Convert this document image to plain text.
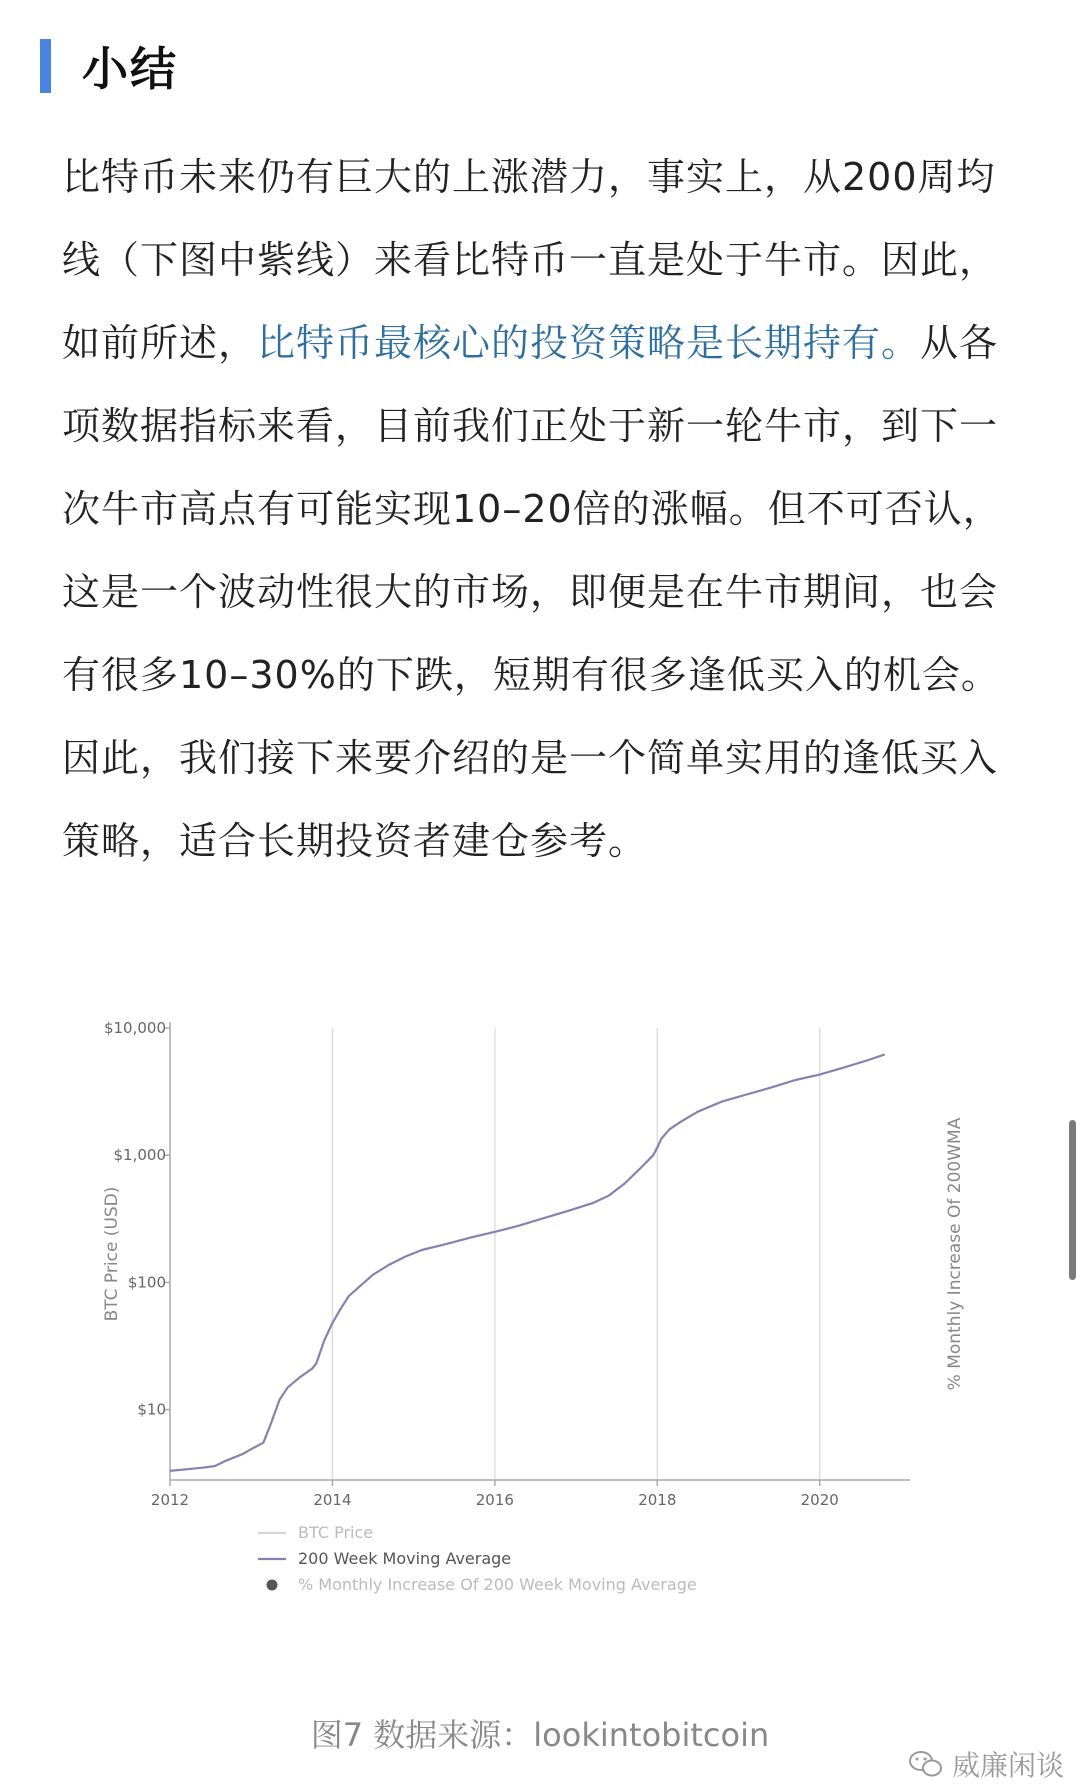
小结
比特币未来仍有巨大的上涨潜力，事实上，从200周均
线（下图中紫线）来看比特币一直是处于牛市。因此，
如前所述，比特币最核心的投资策略是长期持有。从各
项数据指标来看，目前我们正处于新一轮牛市，到下一
次牛市高点有可能实现10–20倍的涨幅。但不可否认，
这是一个波动性很大的市场，即便是在牛市期间，也会
有很多10–30%的下跌，短期有很多逢低买入的机会。
因此，我们接下来要介绍的是一个简单实用的逢低买入
策略，适合长期投资者建仓参考。
$10
$100
$1,000
$10,000
2012	2014	2016	2018	2020
BTC Price (USD)	% Monthly Increase Of 200WMA
BTC Price
200 Week Moving Average
% Monthly Increase Of 200 Week Moving Average
图7 数据来源：lookintobitcoin
威廉闲谈
